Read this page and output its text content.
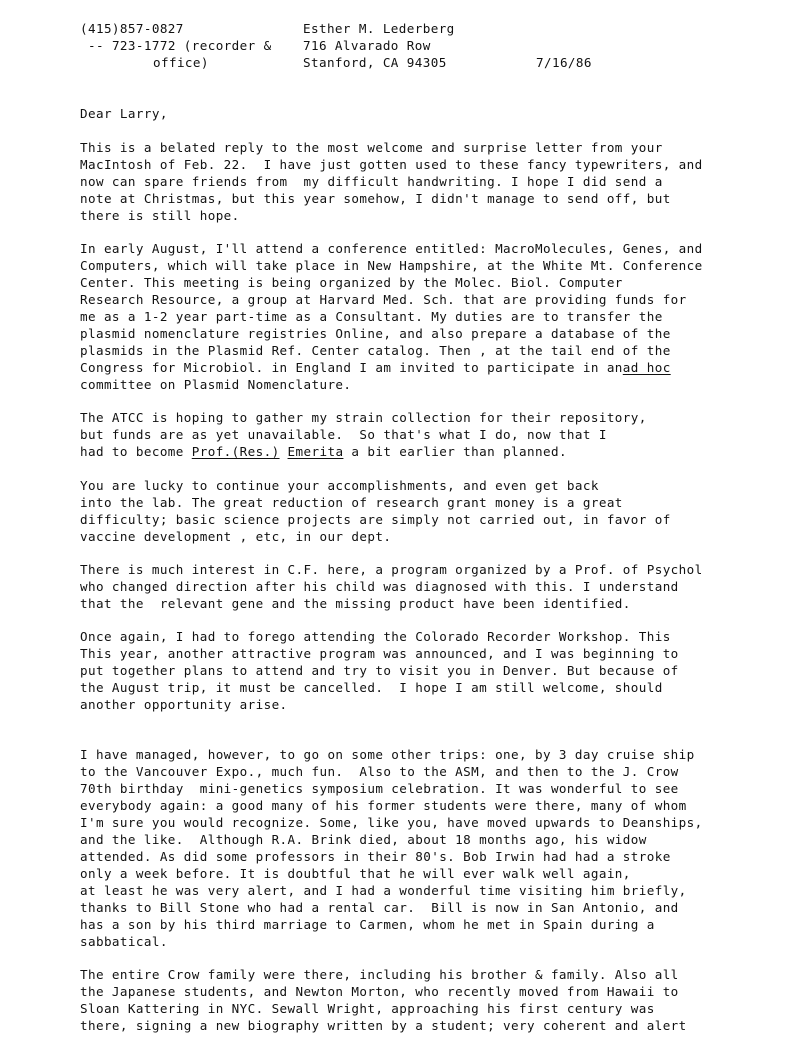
(415)857-0827
-- 723-1772 (recorder &
office)
Esther M. Lederberg
716 Alvarado Row
Stanford, CA 94305	7/16/86
Dear Larry,
This is a belated reply to the most welcome and surprise letter from your
MacIntosh of Feb. 22.  I have just gotten used to these fancy typewriters, and
now can spare friends from  my difficult handwriting. I hope I did send a
note at Christmas, but this year somehow, I didn't manage to send off, but
there is still hope.
In early August, I'll attend a conference entitled: MacroMolecules, Genes, and
Computers, which will take place in New Hampshire, at the White Mt. Conference
Center. This meeting is being organized by the Molec. Biol. Computer
Research Resource, a group at Harvard Med. Sch. that are providing funds for
me as a 1-2 year part-time as a Consultant. My duties are to transfer the
plasmid nomenclature registries Online, and also prepare a database of the
plasmids in the Plasmid Ref. Center catalog. Then , at the tail end of the
Congress for Microbiol. in England I am invited to participate in anad hoc
committee on Plasmid Nomenclature.
The ATCC is hoping to gather my strain collection for their repository,
but funds are as yet unavailable.  So that's what I do, now that I
had to become Prof.(Res.) Emerita a bit earlier than planned.
You are lucky to continue your accomplishments, and even get back
into the lab. The great reduction of research grant money is a great
difficulty; basic science projects are simply not carried out, in favor of
vaccine development , etc, in our dept.
There is much interest in C.F. here, a program organized by a Prof. of Psychol
who changed direction after his child was diagnosed with this. I understand
that the  relevant gene and the missing product have been identified.
Once again, I had to forego attending the Colorado Recorder Workshop. This
This year, another attractive program was announced, and I was beginning to
put together plans to attend and try to visit you in Denver. But because of
the August trip, it must be cancelled.  I hope I am still welcome, should
another opportunity arise.
I have managed, however, to go on some other trips: one, by 3 day cruise ship
to the Vancouver Expo., much fun.  Also to the ASM, and then to the J. Crow
70th birthday  mini-genetics symposium celebration. It was wonderful to see
everybody again: a good many of his former students were there, many of whom
I'm sure you would recognize. Some, like you, have moved upwards to Deanships,
and the like.  Although R.A. Brink died, about 18 months ago, his widow
attended. As did some professors in their 80's. Bob Irwin had had a stroke
only a week before. It is doubtful that he will ever walk well again,
at least he was very alert, and I had a wonderful time visiting him briefly,
thanks to Bill Stone who had a rental car.  Bill is now in San Antonio, and
has a son by his third marriage to Carmen, whom he met in Spain during a
sabbatical.
The entire Crow family were there, including his brother & family. Also all
the Japanese students, and Newton Morton, who recently moved from Hawaii to
Sloan Kattering in NYC. Sewall Wright, approaching his first century was
there, signing a new biography written by a student; very coherent and alert
